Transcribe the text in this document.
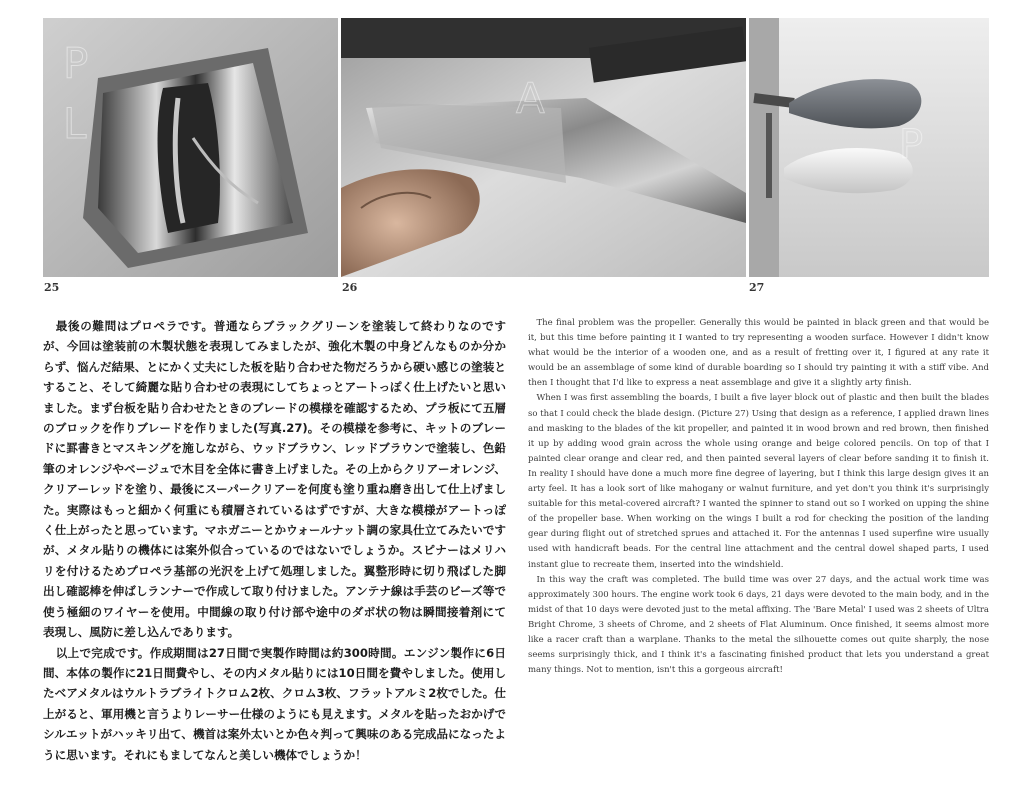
P
L
25
A
26
P
27

最後の難問はプロペラです。普通ならブラックグリーンを塗装して終わりなのですが、今回は塗装前の木製状態を表現してみましたが、強化木製の中身どんなものか分からず、悩んだ結果、とにかく丈夫にした板を貼り合わせた物だろうから硬い感じの塗装とすること、そして綺麗な貼り合わせの表現にしてちょっとアートっぽく仕上げたいと思いました。まず台板を貼り合わせたときのブレードの模様を確認するため、プラ板にて五層のブロックを作りブレードを作りました(写真.27)。その模様を参考に、キットのブレードに罫書きとマスキングを施しながら、ウッドブラウン、レッドブラウンで塗装し、色鉛筆のオレンジやベージュで木目を全体に書き上げました。その上からクリアーオレンジ、クリアーレッドを塗り、最後にスーパークリアーを何度も塗り重ね磨き出して仕上げました。実際はもっと細かく何重にも積層されているはずですが、大きな模様がアートっぽく仕上がったと思っています。マホガニーとかウォールナット調の家具仕立てみたいですが、メタル貼りの機体には案外似合っているのではないでしょうか。スピナーはメリハリを付けるためプロペラ基部の光沢を上げて処理しました。翼整形時に切り飛ばした脚出し確認棒を伸ばしランナーで作成して取り付けました。アンテナ線は手芸のビーズ等で使う極細のワイヤーを使用。中間線の取り付け部や途中のダボ状の物は瞬間接着剤にて表現し、風防に差し込んであります。

以上で完成です。作成期間は27日間で実製作時間は約300時間。エンジン製作に6日間、本体の製作に21日間費やし、その内メタル貼りには10日間を費やしました。使用したベアメタルはウルトラブライトクロム2枚、クロム3枚、フラットアルミ2枚でした。仕上がると、軍用機と言うよりレーサー仕様のようにも見えます。メタルを貼ったおかげでシルエットがハッキリ出て、機首は案外太いとか色々判って興味のある完成品になったように思います。それにもましてなんと美しい機体でしょうか！

The final problem was the propeller. Generally this would be painted in black green and that would be it, but this time before painting it I wanted to try representing a wooden surface. However I didn't know what would be the interior of a wooden one, and as a result of fretting over it, I figured at any rate it would be an assemblage of some kind of durable boarding so I should try painting it with a stiff vibe. And then I thought that I'd like to express a neat assemblage and give it a slightly arty finish.

When I was first assembling the boards, I built a five layer block out of plastic and then built the blades so that I could check the blade design. (Picture 27) Using that design as a reference, I applied drawn lines and masking to the blades of the kit propeller, and painted it in wood brown and red brown, then finished it up by adding wood grain across the whole using orange and beige colored pencils. On top of that I painted clear orange and clear red, and then painted several layers of clear before sanding it to finish it. In reality I should have done a much more fine degree of layering, but I think this large design gives it an arty feel. It has a look sort of like mahogany or walnut furniture, and yet don't you think it's surprisingly suitable for this metal-covered aircraft? I wanted the spinner to stand out so I worked on upping the shine of the propeller base. When working on the wings I built a rod for checking the position of the landing gear during flight out of stretched sprues and attached it. For the antennas I used superfine wire usually used with handicraft beads. For the central line attachment and the central dowel shaped parts, I used instant glue to recreate them, inserted into the windshield.

In this way the craft was completed. The build time was over 27 days, and the actual work time was approximately 300 hours. The engine work took 6 days, 21 days were devoted to the main body, and in the midst of that 10 days were devoted just to the metal affixing. The 'Bare Metal' I used was 2 sheets of Ultra Bright Chrome, 3 sheets of Chrome, and 2 sheets of Flat Aluminum. Once finished, it seems almost more like a racer craft than a warplane. Thanks to the metal the silhouette comes out quite sharply, the nose seems surprisingly thick, and I think it's a fascinating finished product that lets you understand a great many things. Not to mention, isn't this a gorgeous aircraft!
